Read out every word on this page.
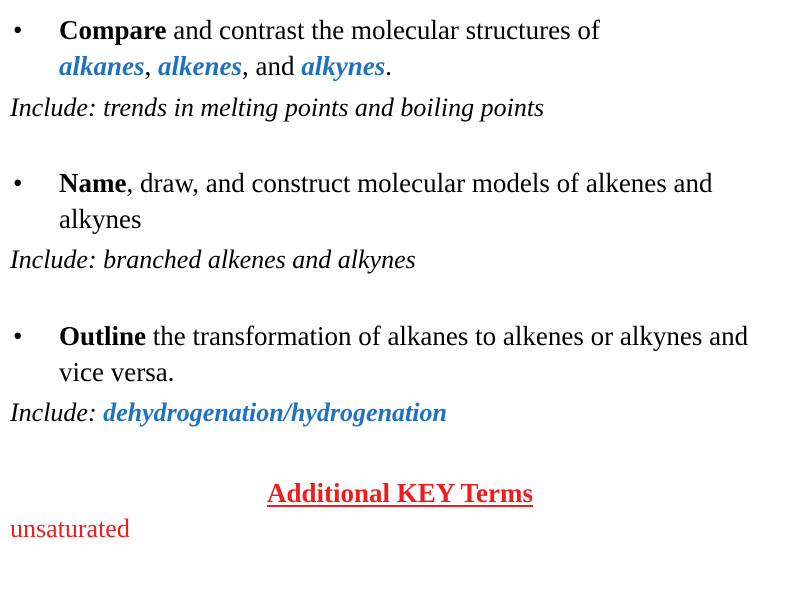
• Compare and contrast the molecular structures of
alkanes, alkenes, and alkynes.
Include: trends in melting points and boiling points
• Name, draw, and construct molecular models of alkenes and alkynes
Include: branched alkenes and alkynes
• Outline the transformation of alkanes to alkenes or alkynes and vice versa.
Include: dehydrogenation/hydrogenation
Additional KEY Terms
unsaturated
